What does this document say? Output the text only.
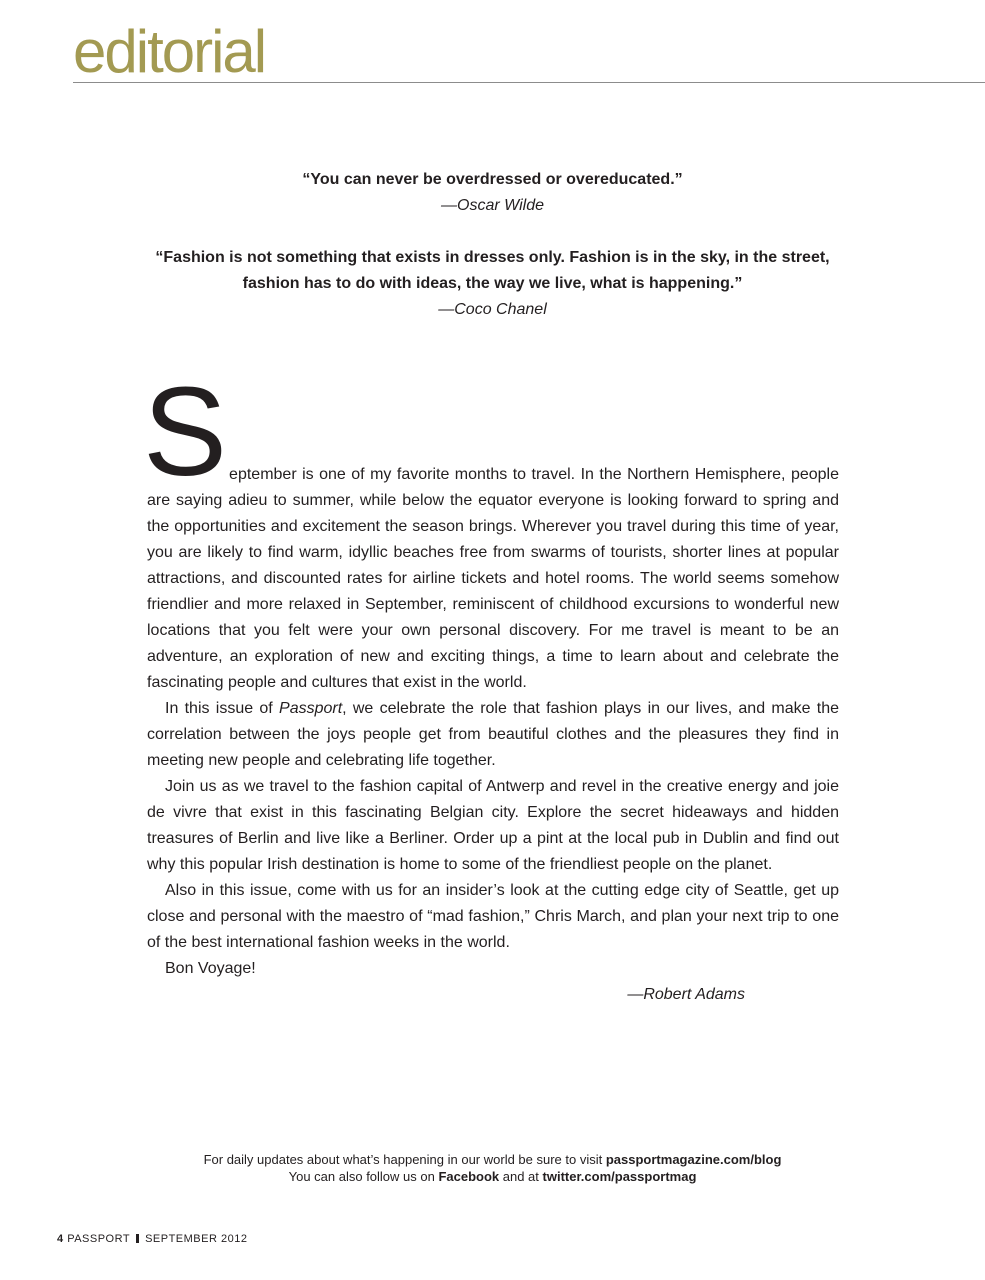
editorial

“You can never be overdressed or overeducated.”

—Oscar Wilde

“Fashion is not something that exists in dresses only. Fashion is in the sky, in the street, fashion has to do with ideas, the way we live, what is happening.”

—Coco Chanel

September is one of my favorite months to travel. In the Northern Hemisphere, people are saying adieu to summer, while below the equator everyone is looking forward to spring and the opportunities and excitement the season brings. Wherever you travel during this time of year, you are likely to find warm, idyllic beaches free from swarms of tourists, shorter lines at popular attractions, and discounted rates for airline tickets and hotel rooms. The world seems somehow friendlier and more relaxed in September, reminiscent of childhood excursions to wonderful new locations that you felt were your own personal discovery. For me travel is meant to be an adventure, an exploration of new and exciting things, a time to learn about and celebrate the fascinating people and cultures that exist in the world.

In this issue of Passport, we celebrate the role that fashion plays in our lives, and make the correlation between the joys people get from beautiful clothes and the pleasures they find in meeting new people and celebrating life together.

Join us as we travel to the fashion capital of Antwerp and revel in the creative energy and joie de vivre that exist in this fascinating Belgian city. Explore the secret hideaways and hidden treasures of Berlin and live like a Berliner. Order up a pint at the local pub in Dublin and find out why this popular Irish destination is home to some of the friendliest people on the planet.

Also in this issue, come with us for an insider’s look at the cutting edge city of Seattle, get up close and personal with the maestro of “mad fashion,” Chris March, and plan your next trip to one of the best international fashion weeks in the world.

Bon Voyage!

—Robert Adams

For daily updates about what’s happening in our world be sure to visit passportmagazine.com/blog
You can also follow us on Facebook and at twitter.com/passportmag
4 PASSPORT SEPTEMBER 2012
